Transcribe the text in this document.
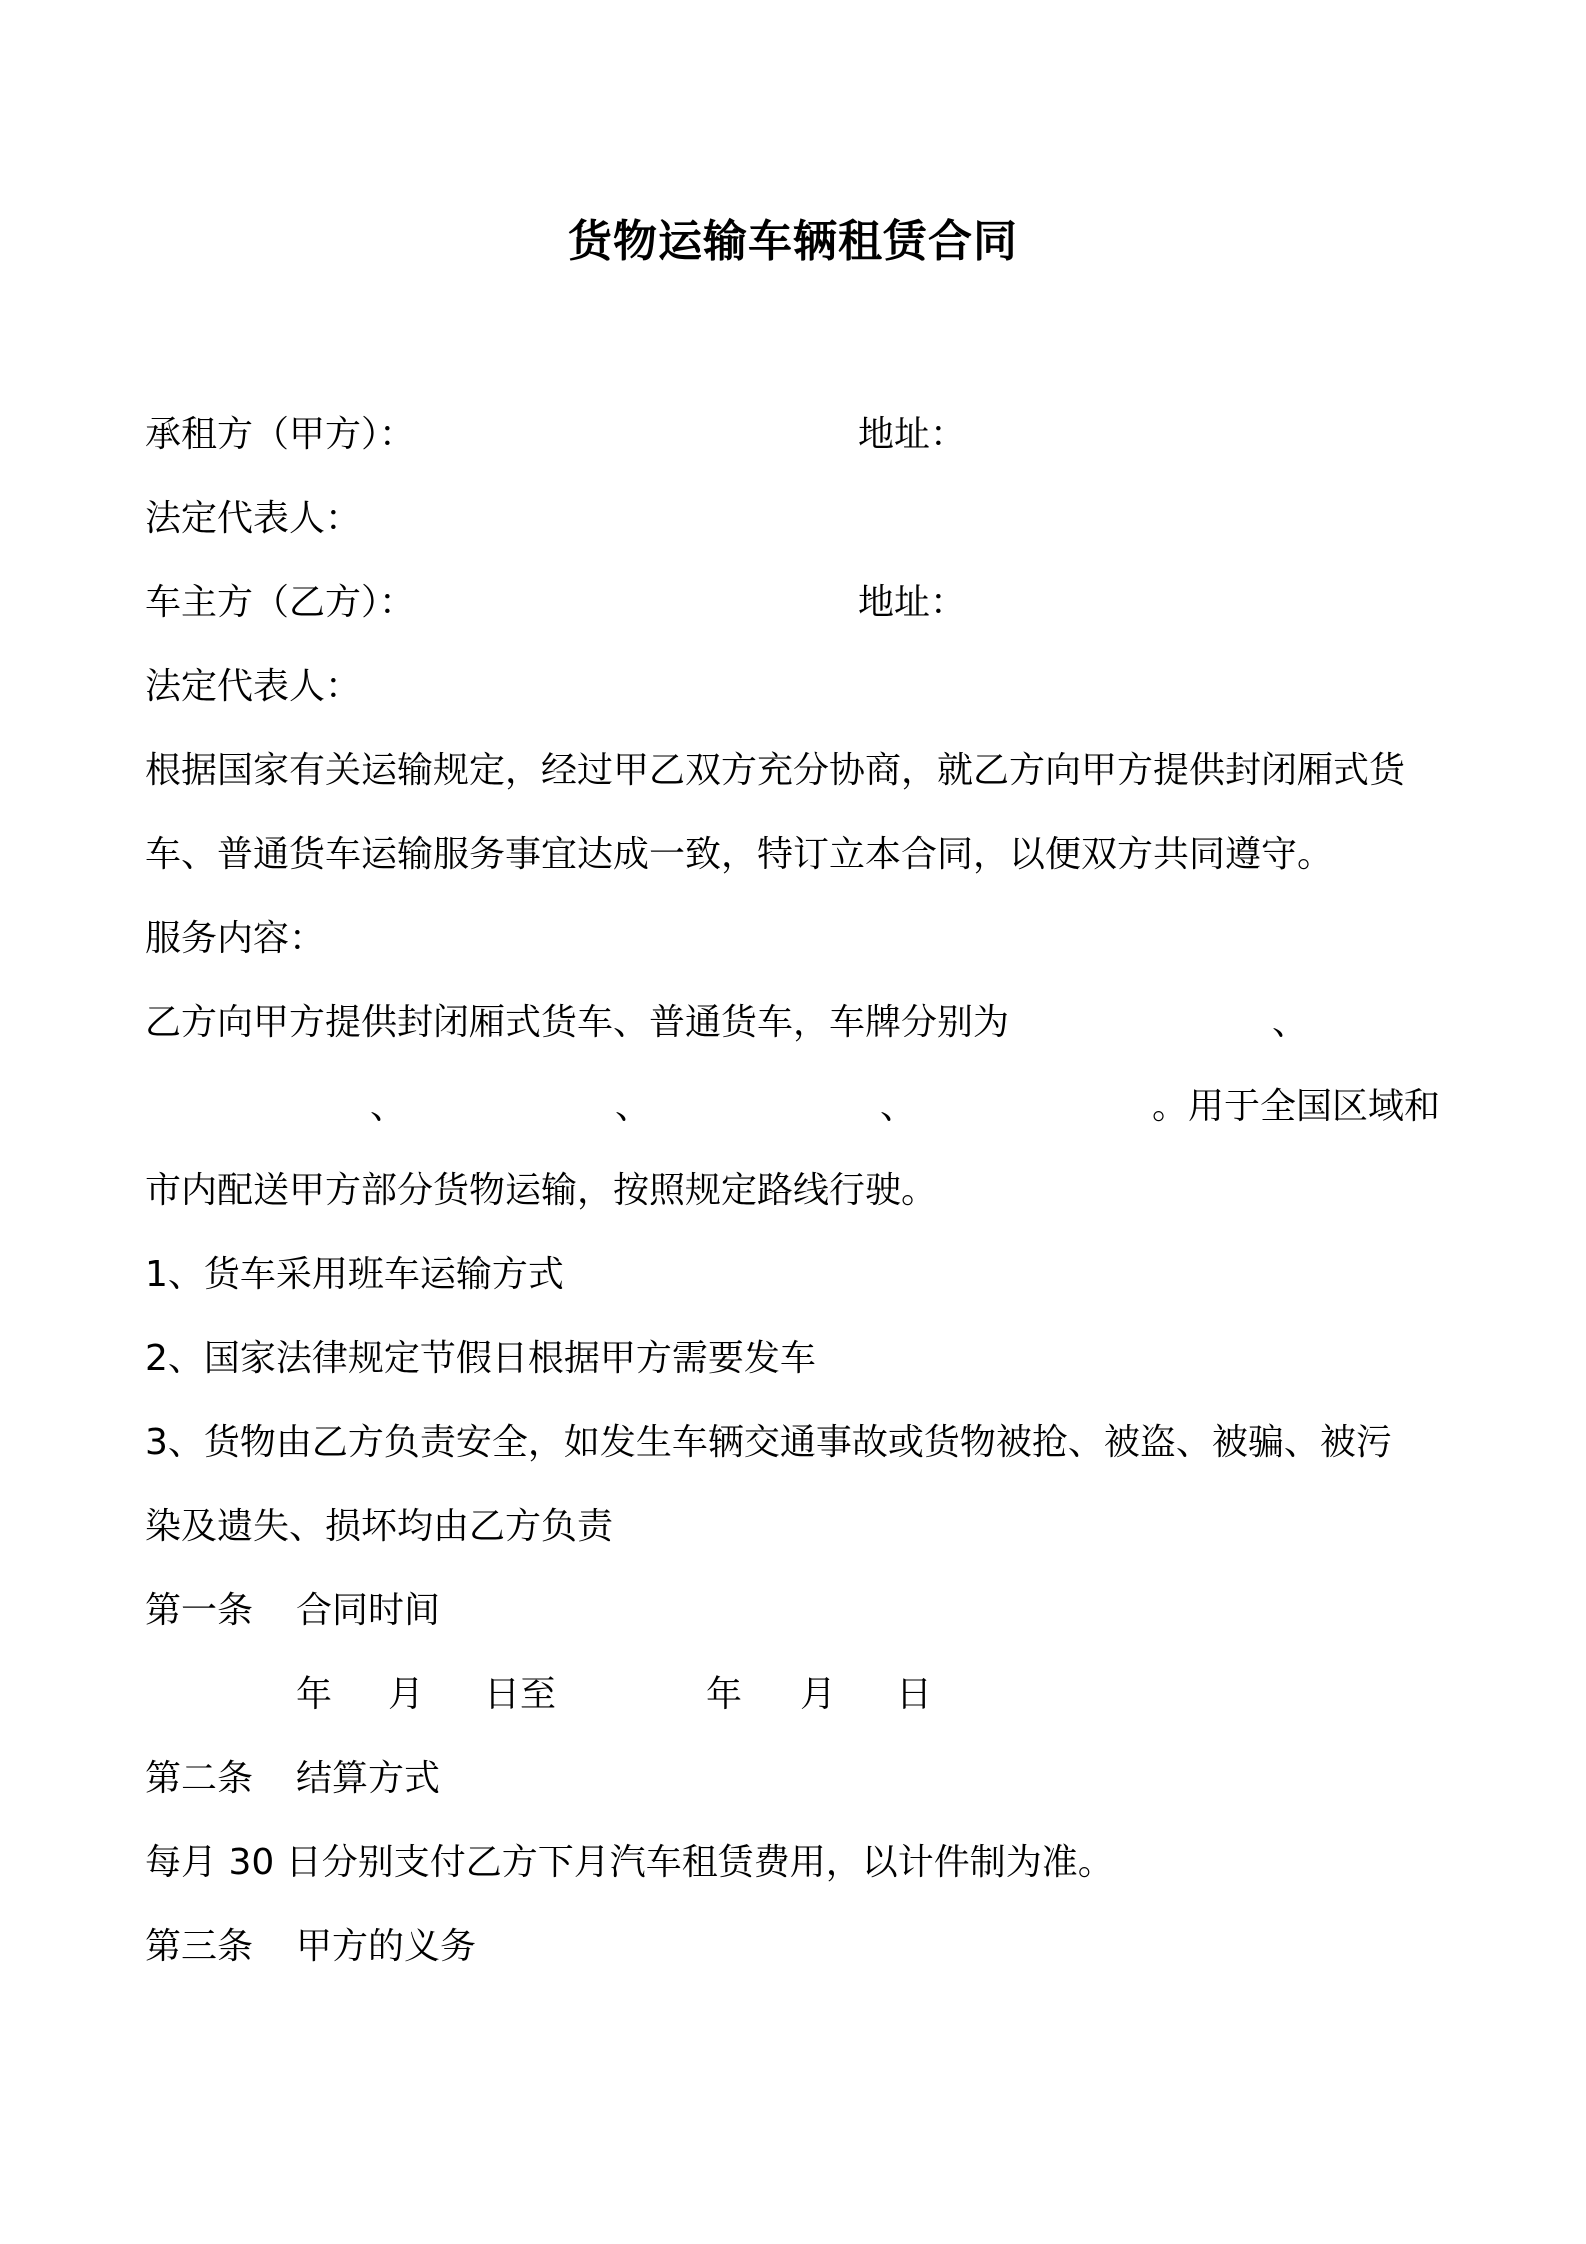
货物运输车辆租赁合同
承租方（甲方）：	地址：
法定代表人：
车主方（乙方）：	地址：
法定代表人：
根据国家有关运输规定，经过甲乙双方充分协商，就乙方向甲方提供封闭厢式货
车、普通货车运输服务事宜达成一致，特订立本合同，以便双方共同遵守。
服务内容：
乙方向甲方提供封闭厢式货车、普通货车，车牌分别为	、
、	、	、	。用于全国区域和
市内配送甲方部分货物运输，按照规定路线行驶。
1、货车采用班车运输方式
2、国家法律规定节假日根据甲方需要发车
3、货物由乙方负责安全，如发生车辆交通事故或货物被抢、被盗、被骗、被污
染及遗失、损坏均由乙方负责
第一条 合同时间
年 月 日至	年 月 日
第二条 结算方式
每月 30 日分别支付乙方下月汽车租赁费用，以计件制为准。
第三条 甲方的义务
